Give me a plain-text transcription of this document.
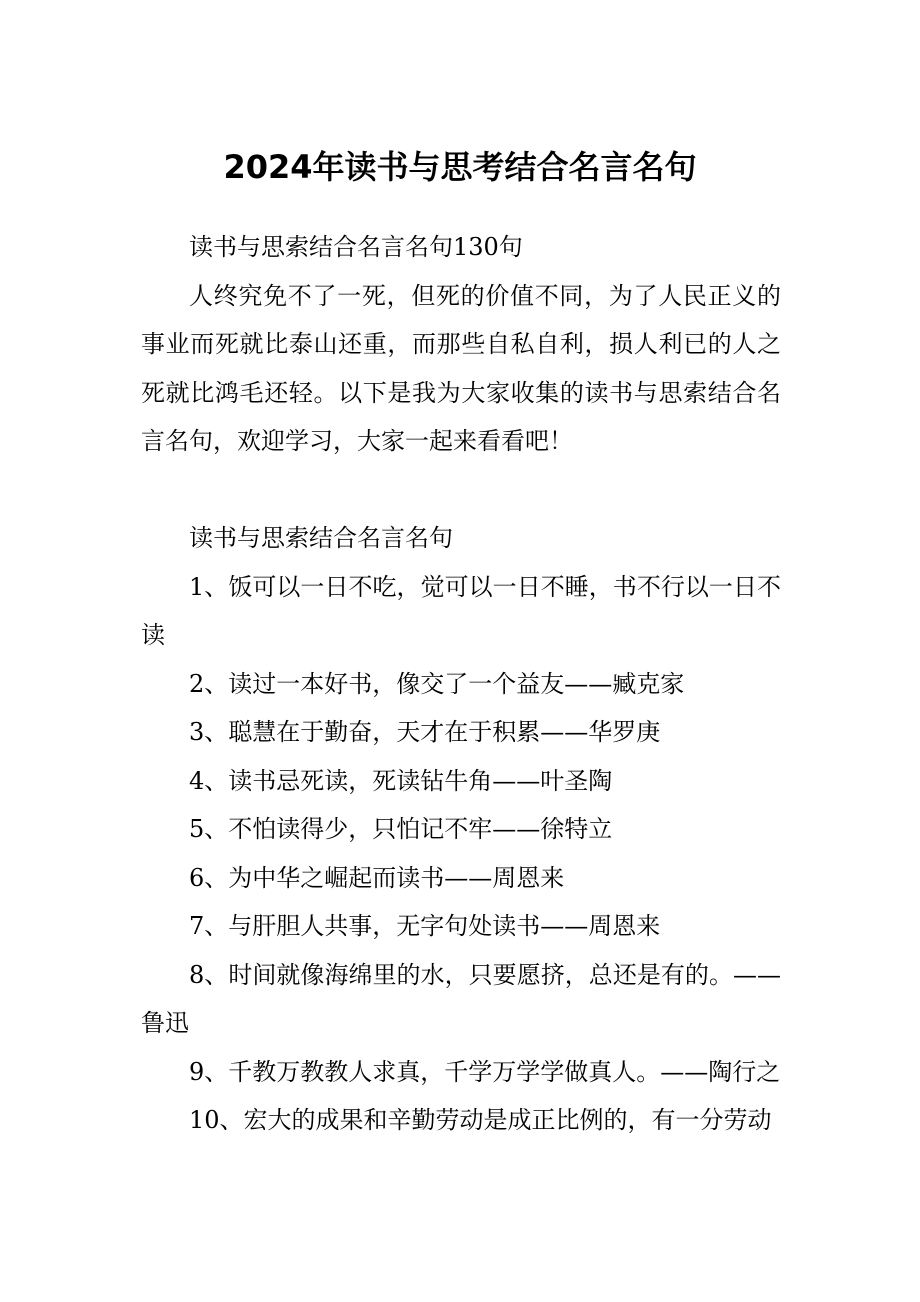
2024年读书与思考结合名言名句

读书与思索结合名言名句130句

人终究免不了一死，但死的价值不同，为了人民正义的事业而死就比泰山还重，而那些自私自利，损人利已的人之死就比鸿毛还轻。以下是我为大家收集的读书与思索结合名言名句，欢迎学习，大家一起来看看吧！

读书与思索结合名言名句

1、饭可以一日不吃，觉可以一日不睡，书不行以一日不读

2、读过一本好书，像交了一个益友——臧克家

3、聪慧在于勤奋，天才在于积累——华罗庚

4、读书忌死读，死读钻牛角——叶圣陶

5、不怕读得少，只怕记不牢——徐特立

6、为中华之崛起而读书——周恩来

7、与肝胆人共事，无字句处读书——周恩来

8、时间就像海绵里的水，只要愿挤，总还是有的。——鲁迅

9、千教万教教人求真，千学万学学做真人。——陶行之

10、宏大的成果和辛勤劳动是成正比例的，有一分劳动
